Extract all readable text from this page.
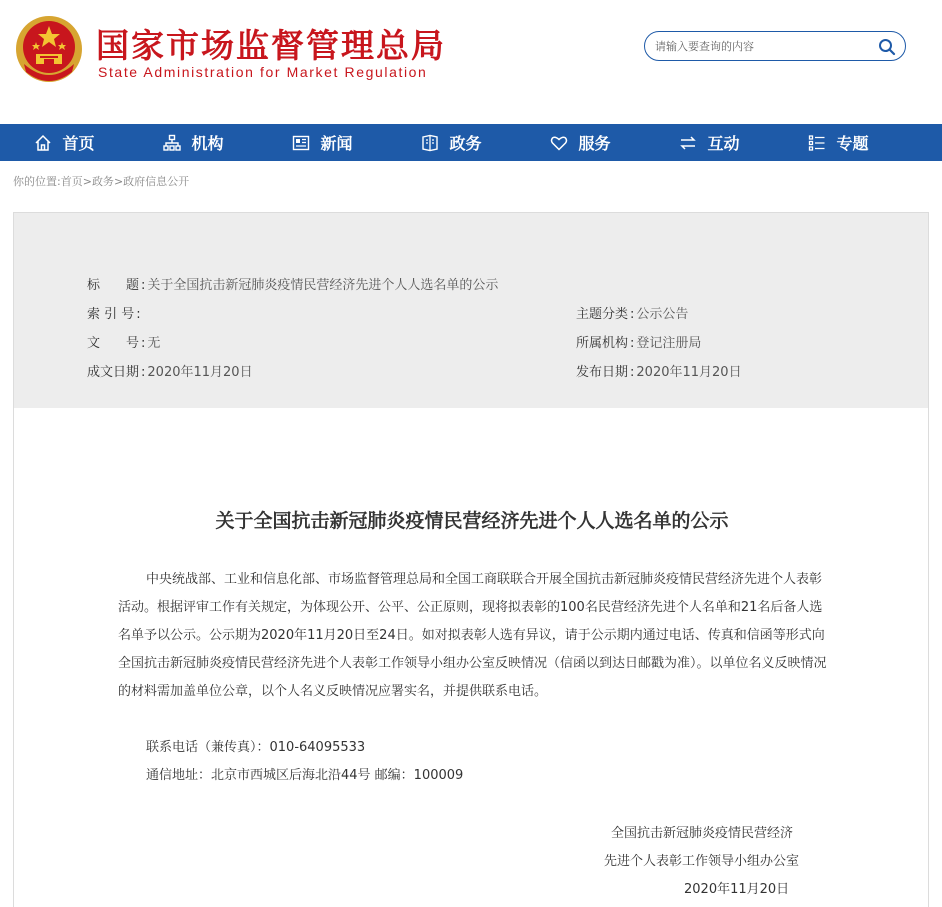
国家市场监督管理总局
State Administration for Market Regulation
请输入要查询的内容
首页	机构	新闻	政务	服务	互动	专题
你的位置:首页>政务>政府信息公开
标　　题 : 关于全国抗击新冠肺炎疫情民营经济先进个人人选名单的公示
索 引 号 :	主题分类 : 公示公告
文　　号 : 无	所属机构 : 登记注册局
成文日期 : 2020年11月20日	发布日期 : 2020年11月20日
关于全国抗击新冠肺炎疫情民营经济先进个人人选名单的公示

中央统战部、工业和信息化部、市场监督管理总局和全国工商联联合开展全国抗击新冠肺炎疫情民营经济先进个人表彰活动。根据评审工作有关规定，为体现公开、公平、公正原则，现将拟表彰的100名民营经济先进个人名单和21名后备人选名单予以公示。公示期为2020年11月20日至24日。如对拟表彰人选有异议，请于公示期内通过电话、传真和信函等形式向全国抗击新冠肺炎疫情民营经济先进个人表彰工作领导小组办公室反映情况（信函以到达日邮戳为准）。以单位名义反映情况的材料需加盖单位公章，以个人名义反映情况应署实名，并提供联系电话。

联系电话（兼传真）：010-64095533
通信地址：北京市西城区后海北沿44号 邮编：100009
全国抗击新冠肺炎疫情民营经济
先进个人表彰工作领导小组办公室
2020年11月20日
